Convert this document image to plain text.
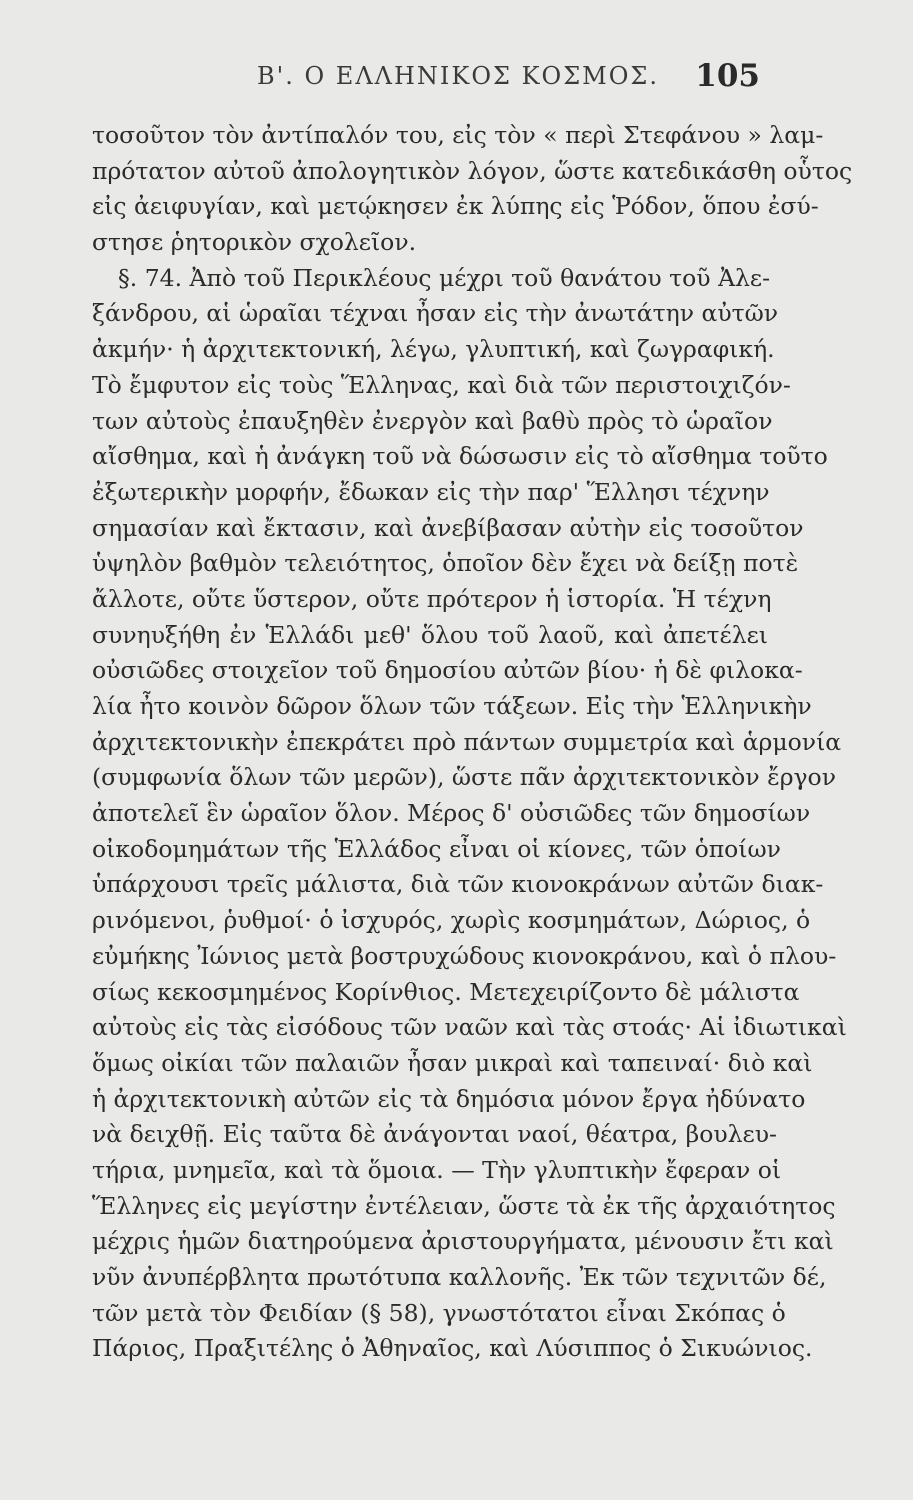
Β'. Ο ΕΛΛΗΝΙΚΟΣ ΚΟΣΜΟΣ. 105
τοσοῦτον τὸν ἀντίπαλόν του, εἰς τὸν « περὶ Στεφάνου » λαμ-
πρότατον αὐτοῦ ἀπολογητικὸν λόγον, ὥστε κατεδικάσθη οὗτος
εἰς ἀειφυγίαν, καὶ μετῴκησεν ἐκ λύπης εἰς Ῥόδον, ὅπου ἐσύ-
στησε ῥητορικὸν σχολεῖον.
§. 74. Ἀπὸ τοῦ Περικλέους μέχρι τοῦ θανάτου τοῦ Ἀλε-
ξάνδρου, αἱ ὡραῖαι τέχναι ἦσαν εἰς τὴν ἀνωτάτην αὐτῶν
ἀκμήν· ἡ ἀρχιτεκτονική, λέγω, γλυπτική, καὶ ζωγραφική.
Τὸ ἔμφυτον εἰς τοὺς Ἕλληνας, καὶ διὰ τῶν περιστοιχιζόν-
των αὐτοὺς ἐπαυξηθὲν ἐνεργὸν καὶ βαθὺ πρὸς τὸ ὡραῖον
αἴσθημα, καὶ ἡ ἀνάγκη τοῦ νὰ δώσωσιν εἰς τὸ αἴσθημα τοῦτο
ἐξωτερικὴν μορφήν, ἔδωκαν εἰς τὴν παρ' Ἕλλησι τέχνην
σημασίαν καὶ ἔκτασιν, καὶ ἀνεβίβασαν αὐτὴν εἰς τοσοῦτον
ὑψηλὸν βαθμὸν τελειότητος, ὁποῖον δὲν ἔχει νὰ δείξῃ ποτὲ
ἄλλοτε, οὔτε ὕστερον, οὔτε πρότερον ἡ ἱστορία. Ἡ τέχνη
συνηυξήθη ἐν Ἑλλάδι μεθ' ὅλου τοῦ λαοῦ, καὶ ἀπετέλει
οὐσιῶδες στοιχεῖον τοῦ δημοσίου αὐτῶν βίου· ἡ δὲ φιλοκα-
λία ἦτο κοινὸν δῶρον ὅλων τῶν τάξεων. Εἰς τὴν Ἑλληνικὴν
ἀρχιτεκτονικὴν ἐπεκράτει πρὸ πάντων συμμετρία καὶ ἁρμονία
(συμφωνία ὅλων τῶν μερῶν), ὥστε πᾶν ἀρχιτεκτονικὸν ἔργον
ἀποτελεῖ ἓν ὡραῖον ὅλον. Μέρος δ' οὐσιῶδες τῶν δημοσίων
οἰκοδομημάτων τῆς Ἑλλάδος εἶναι οἱ κίονες, τῶν ὁποίων
ὑπάρχουσι τρεῖς μάλιστα, διὰ τῶν κιονοκράνων αὐτῶν διακ-
ρινόμενοι, ῥυθμοί· ὁ ἰσχυρός, χωρὶς κοσμημάτων, Δώριος, ὁ
εὐμήκης Ἰώνιος μετὰ βοστρυχώδους κιονοκράνου, καὶ ὁ πλου-
σίως κεκοσμημένος Κορίνθιος. Μετεχειρίζοντο δὲ μάλιστα
αὐτοὺς εἰς τὰς εἰσόδους τῶν ναῶν καὶ τὰς στοάς· Αἱ ἰδιωτικαὶ
ὅμως οἰκίαι τῶν παλαιῶν ἦσαν μικραὶ καὶ ταπειναί· διὸ καὶ
ἡ ἀρχιτεκτονικὴ αὐτῶν εἰς τὰ δημόσια μόνον ἔργα ἠδύνατο
νὰ δειχθῇ. Εἰς ταῦτα δὲ ἀνάγονται ναοί, θέατρα, βουλευ-
τήρια, μνημεῖα, καὶ τὰ ὅμοια. — Τὴν γλυπτικὴν ἔφεραν οἱ
Ἕλληνες εἰς μεγίστην ἐντέλειαν, ὥστε τὰ ἐκ τῆς ἀρχαιότητος
μέχρις ἡμῶν διατηρούμενα ἀριστουργήματα, μένουσιν ἔτι καὶ
νῦν ἀνυπέρβλητα πρωτότυπα καλλονῆς. Ἐκ τῶν τεχνιτῶν δέ,
τῶν μετὰ τὸν Φειδίαν (§ 58), γνωστότατοι εἶναι Σκόπας ὁ
Πάριος, Πραξιτέλης ὁ Ἀθηναῖος, καὶ Λύσιππος ὁ Σικυώνιος.
